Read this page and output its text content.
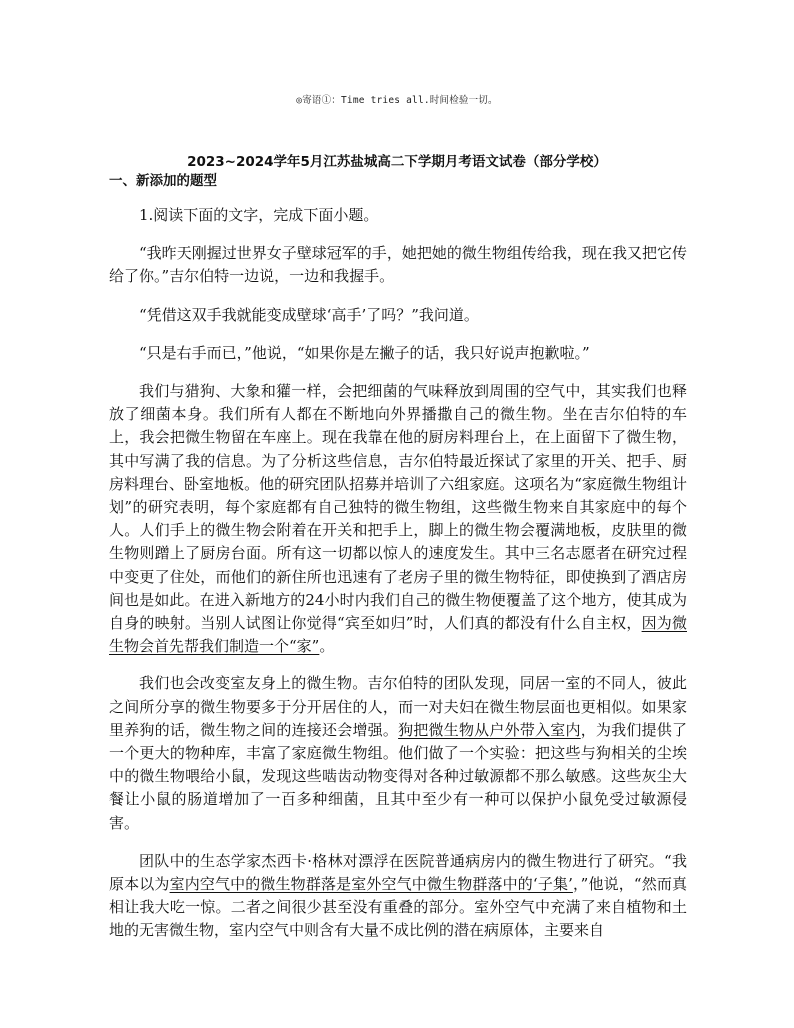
◎寄语①：Time tries all.时间检验一切。
2023~2024学年5月江苏盐城高二下学期月考语文试卷（部分学校）
一、新添加的题型

1.阅读下面的文字，完成下面小题。

“我昨天刚握过世界女子壁球冠军的手，她把她的微生物组传给我，现在我又把它传给了你。”吉尔伯特一边说，一边和我握手。

“凭借这双手我就能变成壁球‘高手’了吗？”我问道。

“只是右手而已，”他说，“如果你是左撇子的话，我只好说声抱歉啦。”

我们与猎狗、大象和獾一样，会把细菌的气味释放到周围的空气中，其实我们也释放了细菌本身。我们所有人都在不断地向外界播撒自己的微生物。坐在吉尔伯特的车上，我会把微生物留在车座上。现在我靠在他的厨房料理台上，在上面留下了微生物，其中写满了我的信息。为了分析这些信息，吉尔伯特最近探试了家里的开关、把手、厨房料理台、卧室地板。他的研究团队招募并培训了六组家庭。这项名为“家庭微生物组计划”的研究表明，每个家庭都有自己独特的微生物组，这些微生物来自其家庭中的每个人。人们手上的微生物会附着在开关和把手上，脚上的微生物会覆满地板，皮肤里的微生物则蹭上了厨房台面。所有这一切都以惊人的速度发生。其中三名志愿者在研究过程中变更了住处，而他们的新住所也迅速有了老房子里的微生物特征，即使换到了酒店房间也是如此。在进入新地方的24小时内我们自己的微生物便覆盖了这个地方，使其成为自身的映射。当别人试图让你觉得“宾至如归”时，人们真的都没有什么自主权，因为微生物会首先帮我们制造一个“家”。

我们也会改变室友身上的微生物。吉尔伯特的团队发现，同居一室的不同人，彼此之间所分享的微生物要多于分开居住的人，而一对夫妇在微生物层面也更相似。如果家里养狗的话，微生物之间的连接还会增强。狗把微生物从户外带入室内，为我们提供了一个更大的物种库，丰富了家庭微生物组。他们做了一个实验：把这些与狗相关的尘埃中的微生物喂给小鼠，发现这些啮齿动物变得对各种过敏源都不那么敏感。这些灰尘大餐让小鼠的肠道增加了一百多种细菌，且其中至少有一种可以保护小鼠免受过敏源侵害。

团队中的生态学家杰西卡·格林对漂浮在医院普通病房内的微生物进行了研究。“我原本以为室内空气中的微生物群落是室外空气中微生物群落中的‘子集’，”他说，“然而真相让我大吃一惊。二者之间很少甚至没有重叠的部分。室外空气中充满了来自植物和土地的无害微生物，室内空气中则含有大量不成比例的潜在病原体，主要来自
